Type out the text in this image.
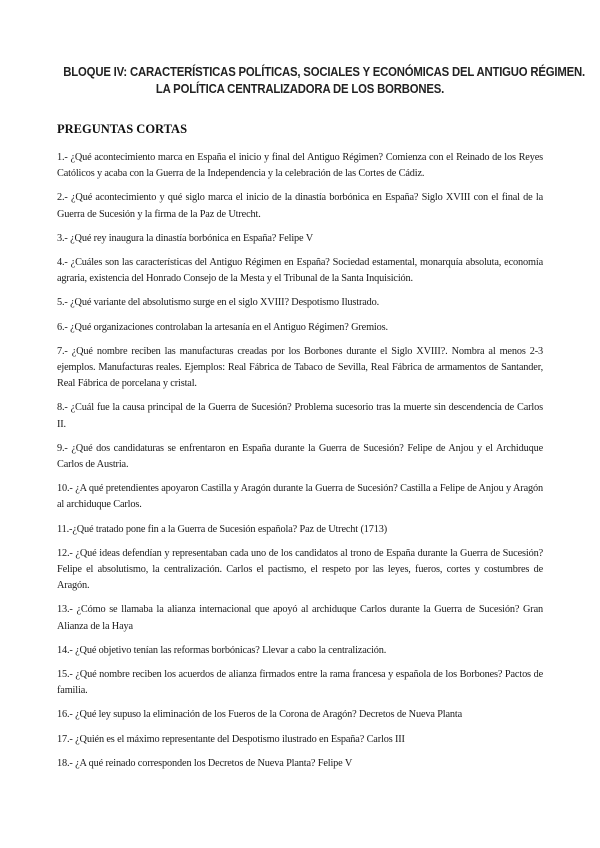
BLOQUE IV: CARACTERÍSTICAS POLÍTICAS, SOCIALES Y ECONÓMICAS DEL ANTIGUO RÉGIMEN.
LA POLÍTICA CENTRALIZADORA DE LOS BORBONES.
PREGUNTAS CORTAS

1.- ¿Qué acontecimiento marca en España el inicio y final del Antiguo Régimen? Comienza con el Reinado de los Reyes Católicos y acaba con la Guerra de la Independencia y la celebración de las Cortes de Cádiz.

2.- ¿Qué acontecimiento y qué siglo marca el inicio de la dinastía borbónica en España? Siglo XVIII con el final de la Guerra de Sucesión y la firma de la Paz de Utrecht.

3.- ¿Qué rey inaugura la dinastía borbónica en España? Felipe V

4.- ¿Cuáles son las características del Antiguo Régimen en España? Sociedad estamental, monarquía absoluta, economía agraria, existencia del Honrado Consejo de la Mesta y el Tribunal de la Santa Inquisición.

5.- ¿Qué variante del absolutismo surge en el siglo XVIII? Despotismo Ilustrado.

6.- ¿Qué organizaciones controlaban la artesanía en el Antiguo Régimen? Gremios.

7.- ¿Qué nombre reciben las manufacturas creadas por los Borbones durante el Siglo XVIII?. Nombra al menos 2-3 ejemplos. Manufacturas reales. Ejemplos: Real Fábrica de Tabaco de Sevilla, Real Fábrica de armamentos de Santander, Real Fábrica de porcelana y cristal.

8.- ¿Cuál fue la causa principal de la Guerra de Sucesión? Problema sucesorio tras la muerte sin descendencia de Carlos II.

9.- ¿Qué dos candidaturas se enfrentaron en España durante la Guerra de Sucesión? Felipe de Anjou y el Archiduque Carlos de Austria.

10.- ¿A qué pretendientes apoyaron Castilla y Aragón durante la Guerra de Sucesión? Castilla a Felipe de Anjou y Aragón al archiduque Carlos.

11.-¿Qué tratado pone fin a la Guerra de Sucesión española? Paz de Utrecht (1713)

12.- ¿Qué ideas defendían y representaban cada uno de los candidatos al trono de España durante la Guerra de Sucesión? Felipe el absolutismo, la centralización. Carlos el pactismo, el respeto por las leyes, fueros, cortes y costumbres de Aragón.

13.- ¿Cómo se llamaba la alianza internacional que apoyó al archiduque Carlos durante la Guerra de Sucesión? Gran Alianza de la Haya

14.- ¿Qué objetivo tenían las reformas borbónicas? Llevar a cabo la centralización.

15.- ¿Qué nombre reciben los acuerdos de alianza firmados entre la rama francesa y española de los Borbones? Pactos de familia.

16.- ¿Qué ley supuso la eliminación de los Fueros de la Corona de Aragón? Decretos de Nueva Planta

17.- ¿Quién es el máximo representante del Despotismo ilustrado en España? Carlos III

18.- ¿A qué reinado corresponden los Decretos de Nueva Planta? Felipe V
